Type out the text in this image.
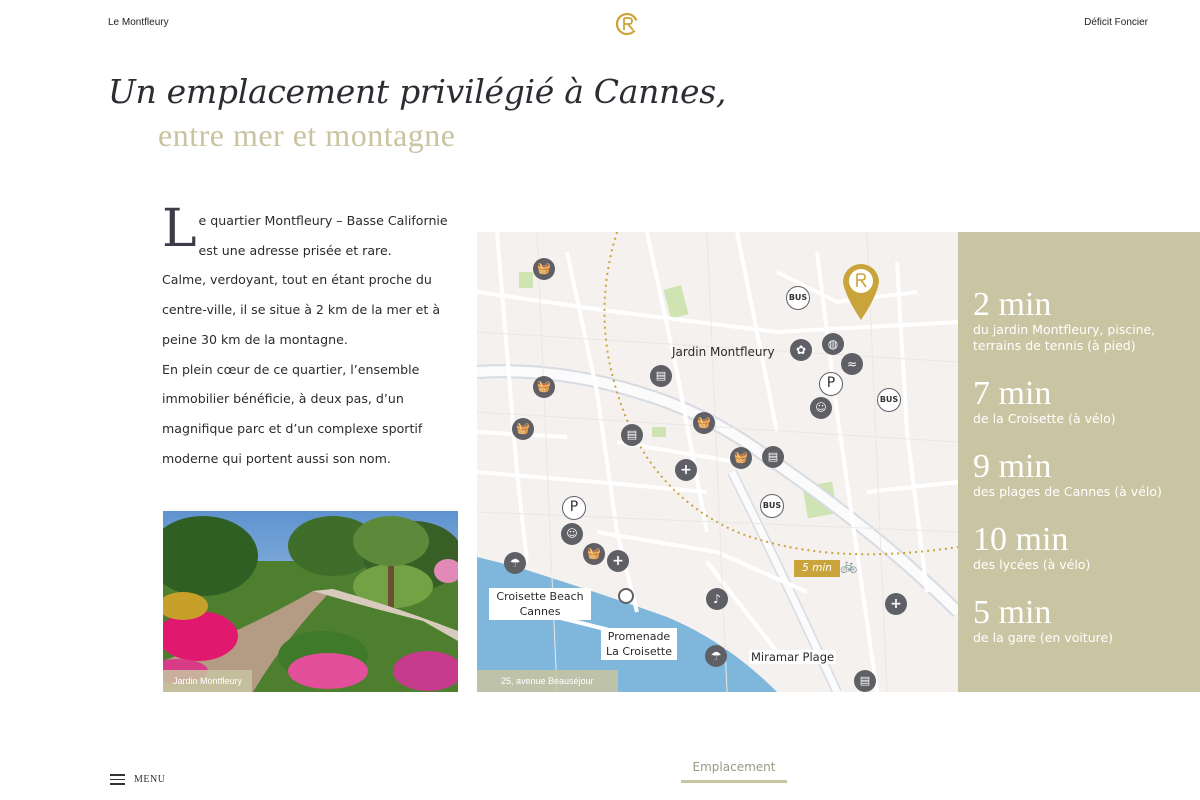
Le Montfleury	Déficit Foncier
Un emplacement privilégié à Cannes,
entre mer et montagne
L e quartier Montfleury – Basse Californie est une adresse prisée et rare.

Calme, verdoyant, tout en étant proche du centre-ville, il se situe à 2 km de la mer et à peine 30 km de la montagne.

En plein cœur de ce quartier, l’ensemble immobilier bénéficie, à deux pas, d’un magnifique parc et d’un complexe sportif moderne qui portent aussi son nom.

Jardin Montfleury
Jardin Montfleury
Croisette Beach
Cannes
Promenade
La Croisette	Miramar Plage
5 min 🚲
BUS
BUS
BUS
P
P
🧺
🧺
🧺	🧺
🧺
🧺
▤
▤
▤
▤
+
+
+
☺
☺
♪
✿	◍
≈
☂
☂
25, avenue Beauséjour
2 min
du jardin Montfleury, piscine,
terrains de tennis (à pied)
7 min
de la Croisette (à vélo)
9 min
des plages de Cannes (à vélo)
10 min
des lycées (à vélo)
5 min
de la gare (en voiture)
MENU
Emplacement
